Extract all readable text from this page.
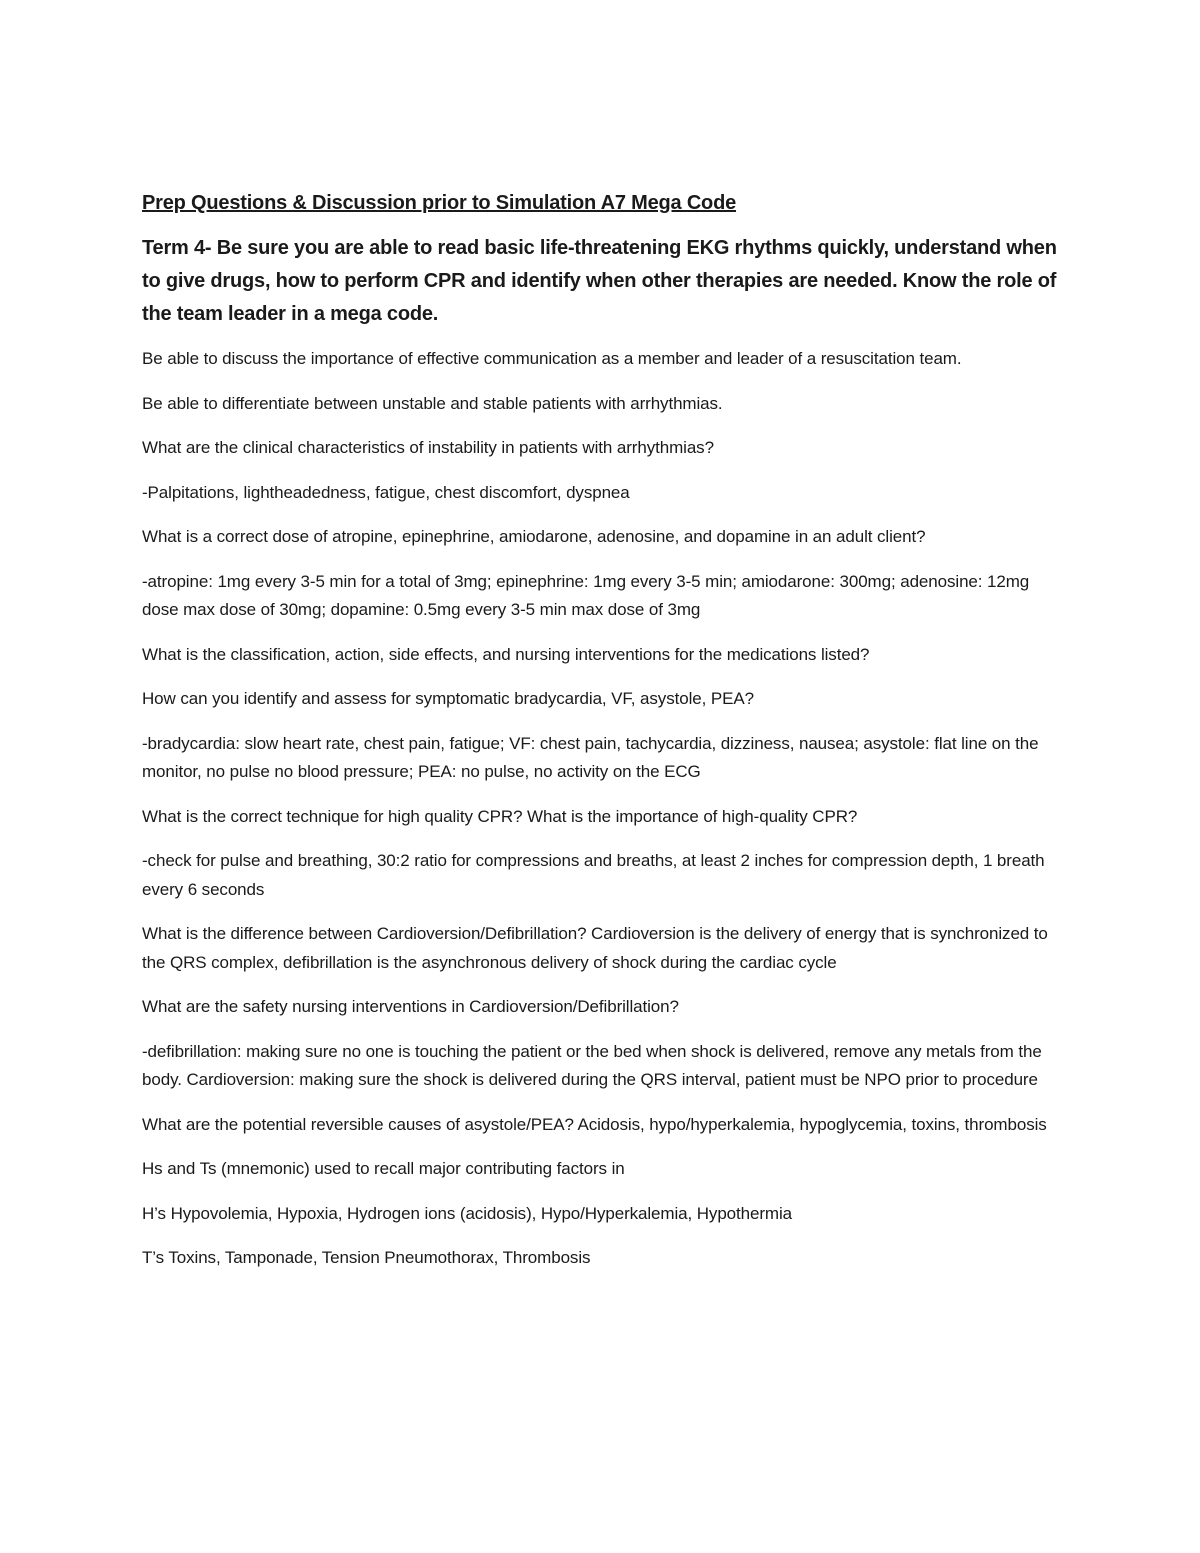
Prep Questions & Discussion prior to Simulation A7 Mega Code
Term 4- Be sure you are able to read basic life-threatening EKG rhythms quickly, understand when to give drugs, how to perform CPR and identify when other therapies are needed. Know the role of the team leader in a mega code.
Be able to discuss the importance of effective communication as a member and leader of a resuscitation team.
Be able to differentiate between unstable and stable patients with arrhythmias.
What are the clinical characteristics of instability in patients with arrhythmias?
-Palpitations, lightheadedness, fatigue, chest discomfort, dyspnea
What is a correct dose of atropine, epinephrine, amiodarone, adenosine, and dopamine in an adult client?
-atropine: 1mg every 3-5 min for a total of 3mg; epinephrine: 1mg every 3-5 min; amiodarone: 300mg; adenosine: 12mg dose max dose of 30mg; dopamine: 0.5mg every 3-5 min max dose of 3mg
What is the classification, action, side effects, and nursing interventions for the medications listed?
How can you identify and assess for symptomatic bradycardia, VF, asystole, PEA?
-bradycardia: slow heart rate, chest pain, fatigue; VF: chest pain, tachycardia, dizziness, nausea; asystole: flat line on the monitor, no pulse no blood pressure; PEA: no pulse, no activity on the ECG
What is the correct technique for high quality CPR? What is the importance of high-quality CPR?
-check for pulse and breathing, 30:2 ratio for compressions and breaths, at least 2 inches for compression depth, 1 breath every 6 seconds
What is the difference between Cardioversion/Defibrillation? Cardioversion is the delivery of energy that is synchronized to the QRS complex, defibrillation is the asynchronous delivery of shock during the cardiac cycle
What are the safety nursing interventions in Cardioversion/Defibrillation?
-defibrillation: making sure no one is touching the patient or the bed when shock is delivered, remove any metals from the body. Cardioversion: making sure the shock is delivered during the QRS interval, patient must be NPO prior to procedure
What are the potential reversible causes of asystole/PEA? Acidosis, hypo/hyperkalemia, hypoglycemia, toxins, thrombosis
Hs and Ts (mnemonic) used to recall major contributing factors in
H’s Hypovolemia, Hypoxia, Hydrogen ions (acidosis), Hypo/Hyperkalemia, Hypothermia
T’s Toxins, Tamponade, Tension Pneumothorax, Thrombosis
